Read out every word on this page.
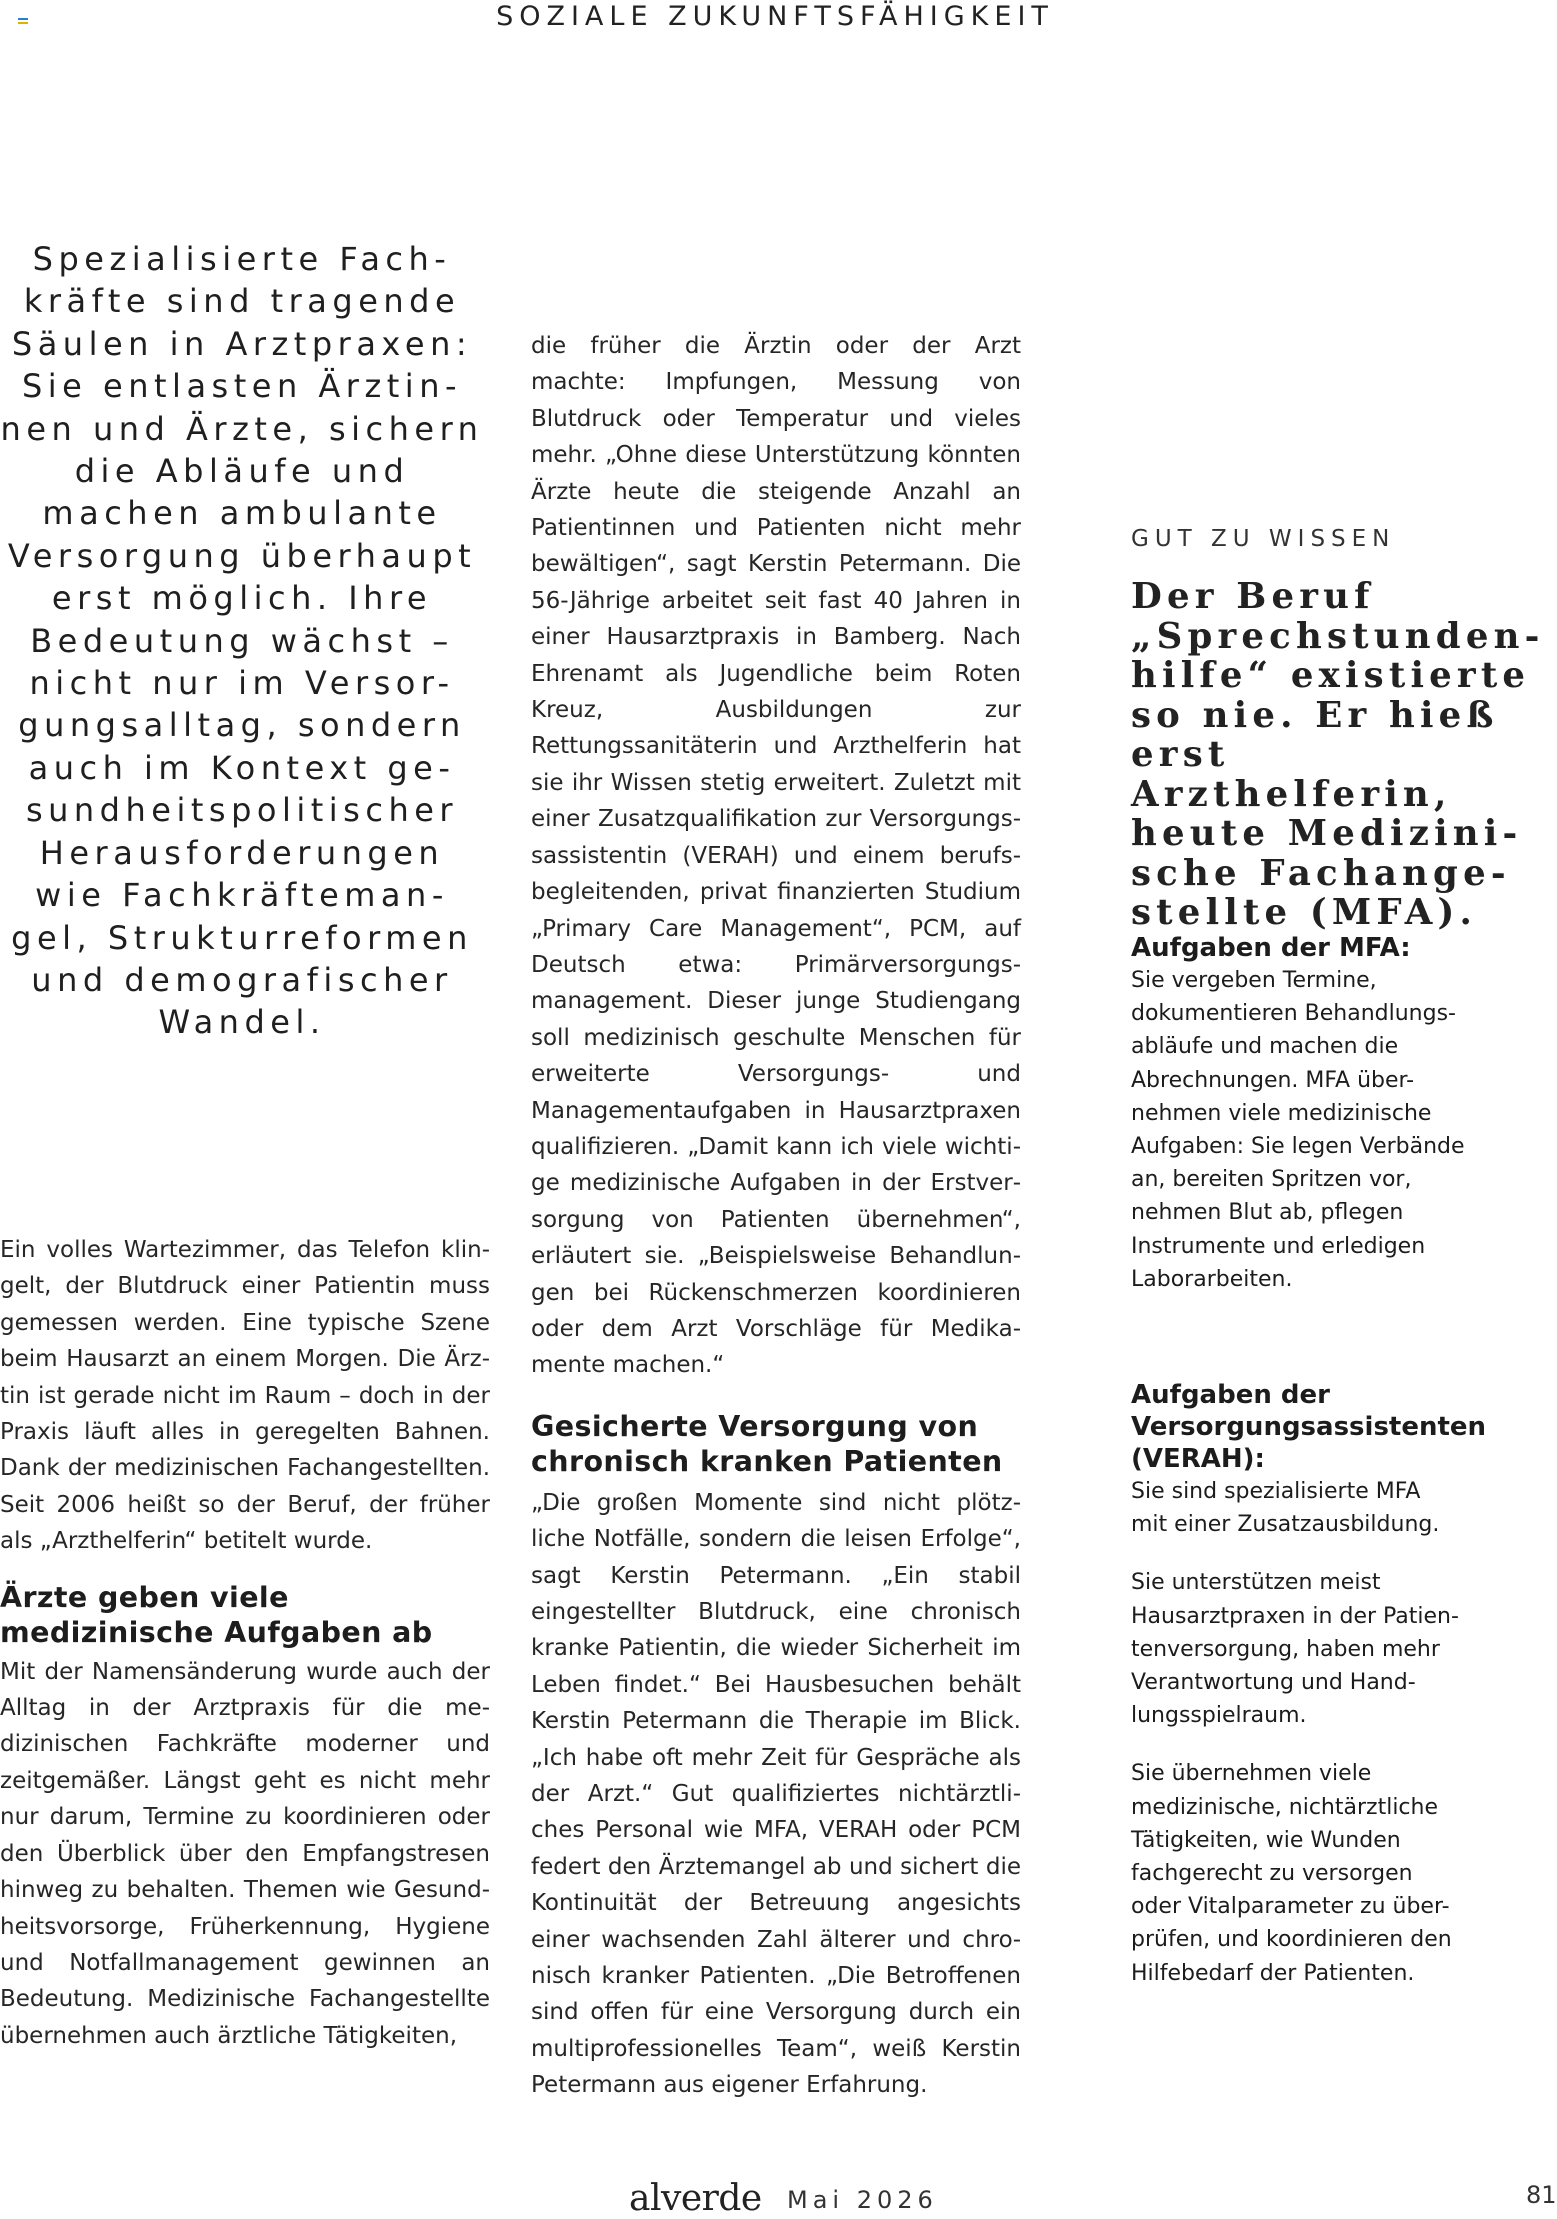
SOZIALE ZUKUNFTSFÄHIGKEIT
Spezialisierte Fach-
kräfte sind tragende
Säulen in Arztpraxen:
Sie entlasten Ärztin-
nen und Ärzte, sichern
die Abläufe und
machen ambulante
Versorgung überhaupt
erst möglich. Ihre
Bedeutung wächst –
nicht nur im Versor-
gungsalltag, sondern
auch im Kontext ge-
sundheitspolitischer
Herausforderungen
wie Fachkräfteman-
gel, Strukturreformen
und demografischer
Wandel.

Ein volles Wartezimmer, das Telefon klingelt, der Blutdruck einer Patientin muss gemessen werden. Eine typische Szene beim Hausarzt an einem Morgen. Die Ärztin ist gerade nicht im Raum – doch in der Praxis läuft alles in geregelten Bahnen. Dank der medizinischen Fachangestellten. Seit 2006 heißt so der Beruf, der früher als „Arzthelferin“ betitelt wurde.

Ärzte geben viele medizinische Aufgaben ab

Mit der Namensänderung wurde auch der Alltag in der Arztpraxis für die medizinischen Fachkräfte moderner und zeitgemäßer. Längst geht es nicht mehr nur darum, Termine zu koordinieren oder den Überblick über den Empfangstresen hinweg zu behalten. Themen wie Gesundheitsvorsorge, Früherkennung, Hygiene und Notfallmanagement gewinnen an Bedeutung. Medizinische Fachangestellte übernehmen auch ärztliche Tätigkeiten,

die früher die Ärztin oder der Arzt machte: Impfungen, Messung von Blutdruck oder Temperatur und vieles mehr. „Ohne diese Unterstützung könnten Ärzte heute die steigende Anzahl an Patientinnen und Patienten nicht mehr bewältigen“, sagt Kerstin Petermann. Die 56-Jährige arbeitet seit fast 40 Jahren in einer Hausarztpraxis in Bamberg. Nach Ehrenamt als Jugendliche beim Roten Kreuz, Ausbildungen zur Rettungssanitäterin und Arzthelferin hat sie ihr Wissen stetig erweitert. Zuletzt mit einer Zusatzqualifikation zur Versorgungssassistentin (VERAH) und einem berufsbegleitenden, privat finanzierten Studium „Primary Care Management“, PCM, auf Deutsch etwa: Primärversorgungsmanagement. Dieser junge Studiengang soll medizinisch geschulte Menschen für erweiterte Versorgungs- und Managementaufgaben in Hausarztpraxen qualifizieren. „Damit kann ich viele wichtige medizinische Aufgaben in der Erstversorgung von Patienten übernehmen“, erläutert sie. „Beispielsweise Behandlungen bei Rückenschmerzen koordinieren oder dem Arzt Vorschläge für Medikamente machen.“

Gesicherte Versorgung von chronisch kranken Patienten

„Die großen Momente sind nicht plötzliche Notfälle, sondern die leisen Erfolge“, sagt Kerstin Petermann. „Ein stabil eingestellter Blutdruck, eine chronisch kranke Patientin, die wieder Sicherheit im Leben findet.“ Bei Hausbesuchen behält Kerstin Petermann die Therapie im Blick. „Ich habe oft mehr Zeit für Gespräche als der Arzt.“ Gut qualifiziertes nichtärztliches Personal wie MFA, VERAH oder PCM federt den Ärztemangel ab und sichert die Kontinuität der Betreuung angesichts einer wachsenden Zahl älterer und chronisch kranker Patienten. „Die Betroffenen sind offen für eine Versorgung durch ein multiprofessionelles Team“, weiß Kerstin Petermann aus eigener Erfahrung.

GUT ZU WISSEN
Der Beruf
„Sprechstunden-
hilfe“ existierte
so nie. Er hieß
erst Arzthelferin,
heute Medizini-
sche Fachange-
stellte (MFA).
Aufgaben der MFA:

Sie vergeben Termine,
dokumentieren Behandlungs-
abläufe und machen die
Abrechnungen. MFA über-
nehmen viele medizinische
Aufgaben: Sie legen Verbände
an, bereiten Spritzen vor,
nehmen Blut ab, pflegen
Instrumente und erledigen
Laborarbeiten.

Aufgaben der
Versorgungsassistenten
(VERAH):

Sie sind spezialisierte MFA
mit einer Zusatzausbildung.

Sie unterstützen meist
Hausarztpraxen in der Patien-
tenversorgung, haben mehr
Verantwortung und Hand-
lungsspielraum.

Sie übernehmen viele
medizinische, nichtärztliche
Tätigkeiten, wie Wunden
fachgerecht zu versorgen
oder Vitalparameter zu über-
prüfen, und koordinieren den
Hilfebedarf der Patienten.

alverde Mai 2026	81
